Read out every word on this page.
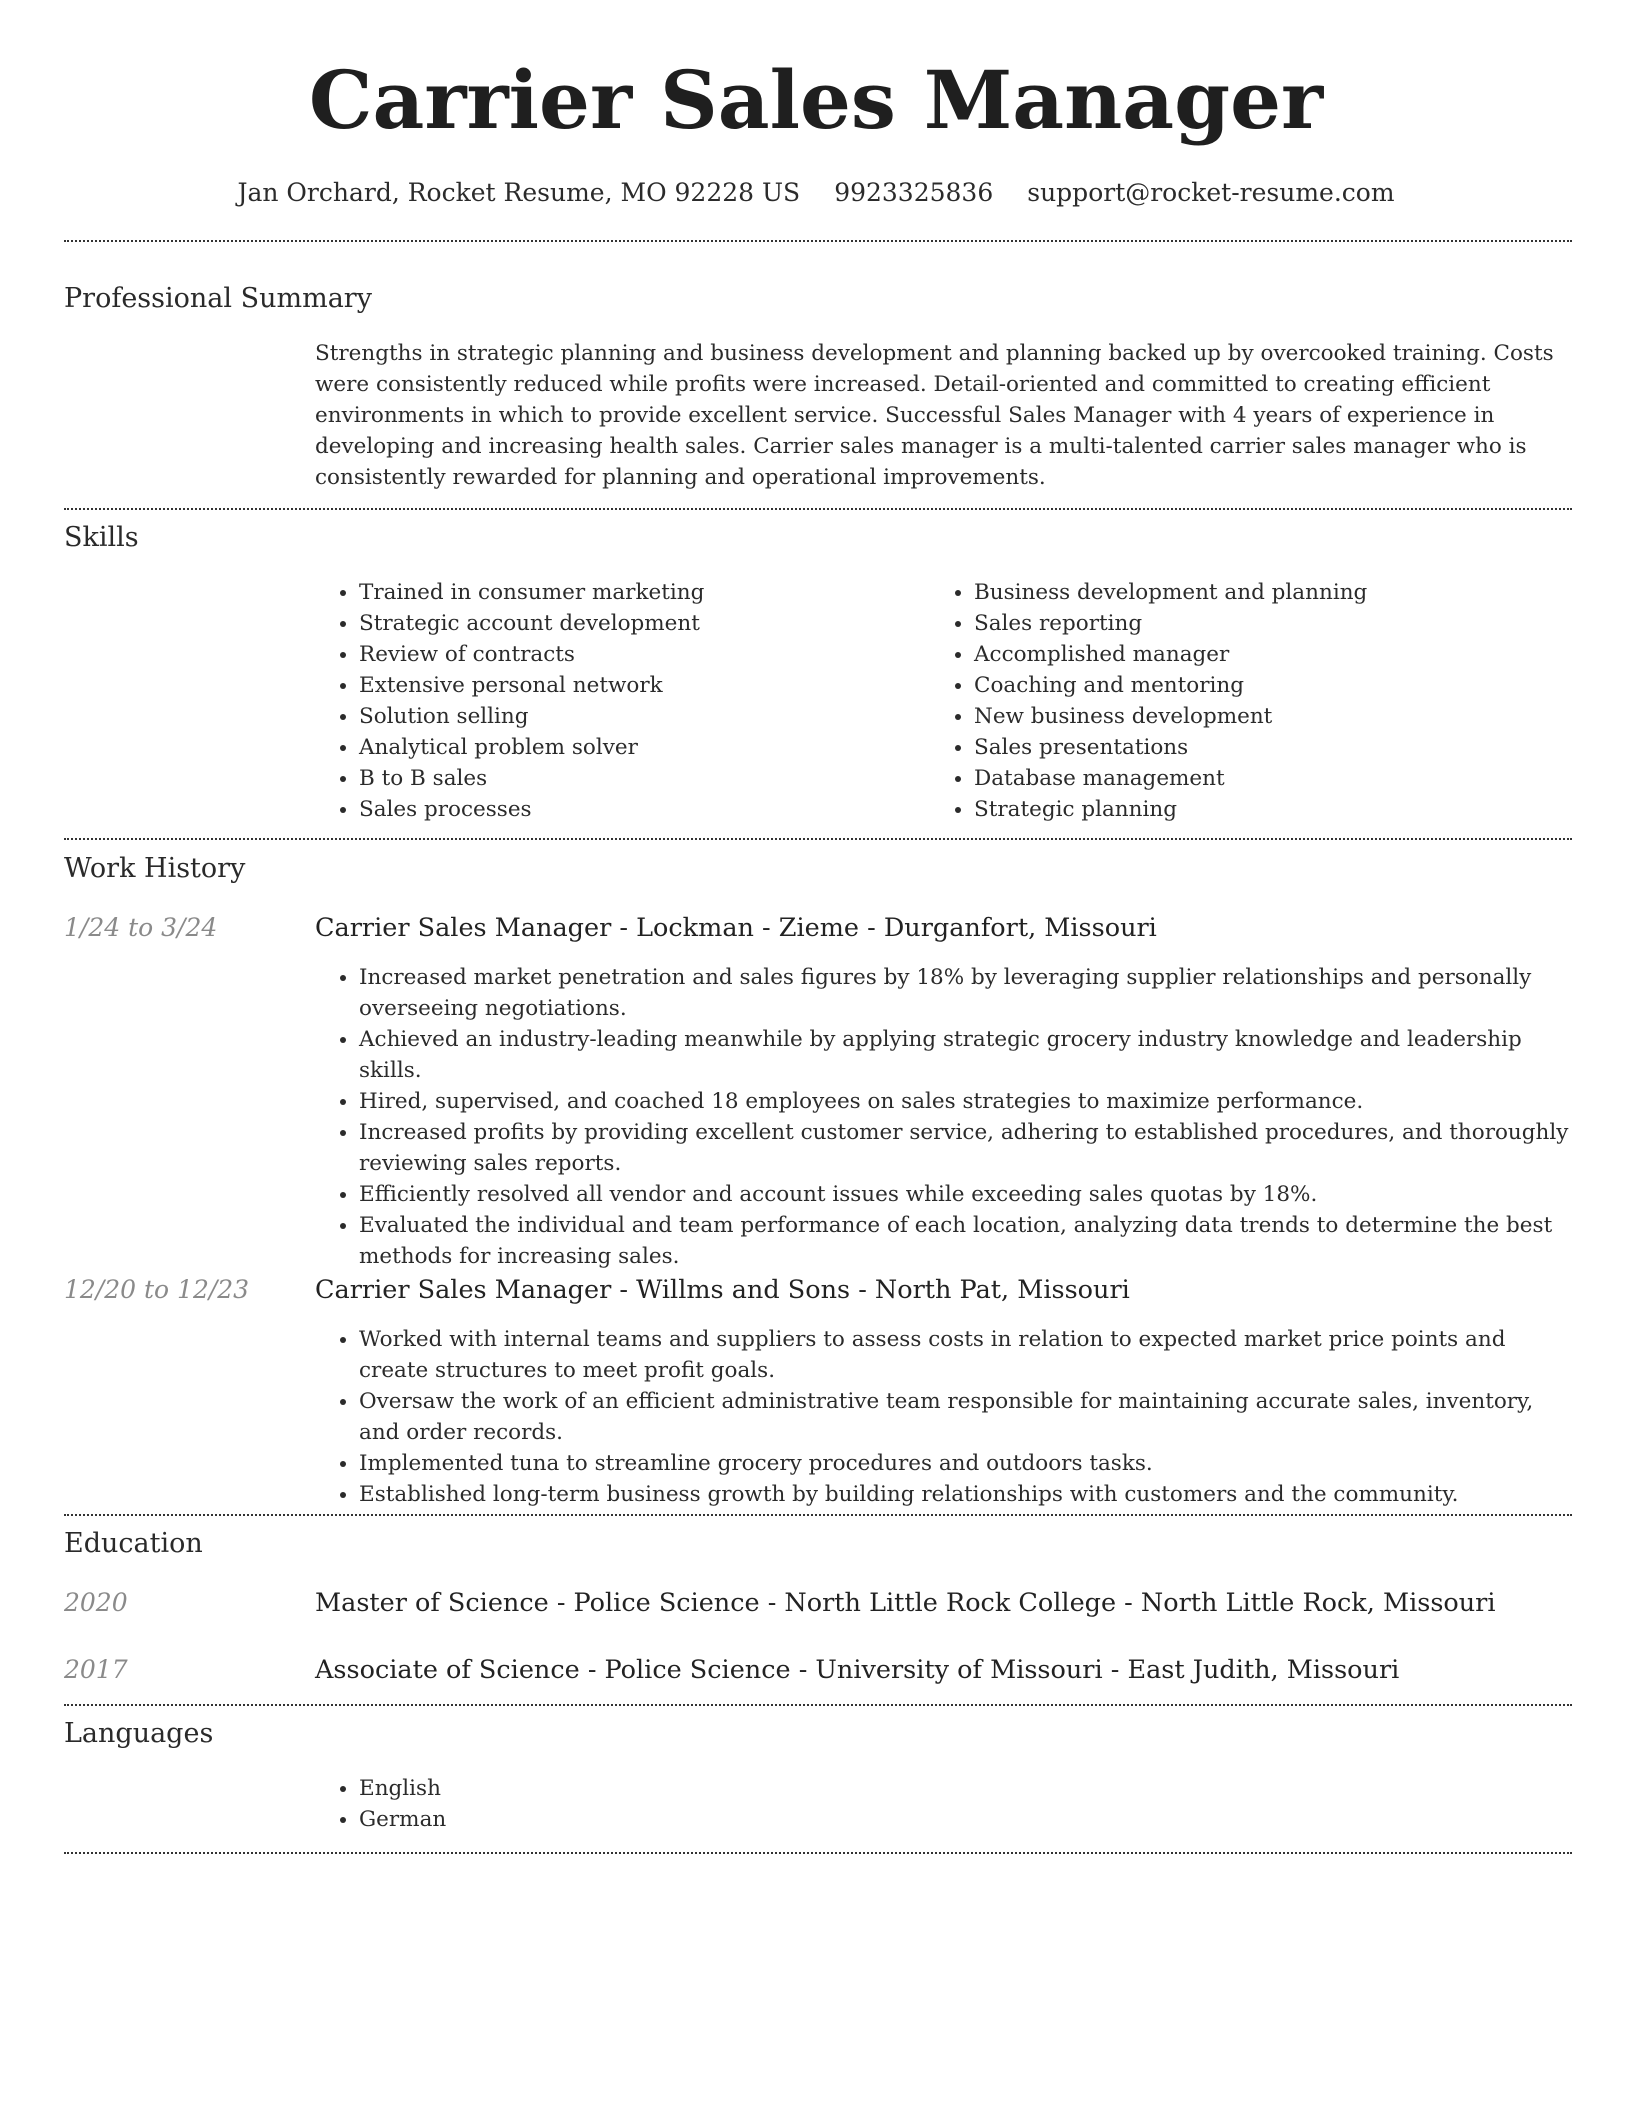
Carrier Sales Manager
Jan Orchard, Rocket Resume, MO 92228 US 9923325836 support@rocket-resume.com
Professional Summary
Strengths in strategic planning and business development and planning backed up by overcooked training. Costs were consistently reduced while profits were increased. Detail-oriented and committed to creating efficient environments in which to provide excellent service. Successful Sales Manager with 4 years of experience in developing and increasing health sales. Carrier sales manager is a multi-talented carrier sales manager who is consistently rewarded for planning and operational improvements.
Skills
• Trained in consumer marketing
• Strategic account development
• Review of contracts
• Extensive personal network
• Solution selling
• Analytical problem solver
• B to B sales
• Sales processes
• Business development and planning
• Sales reporting
• Accomplished manager
• Coaching and mentoring
• New business development
• Sales presentations
• Database management
• Strategic planning
Work History
1/24 to 3/24	Carrier Sales Manager - Lockman - Zieme - Durganfort, Missouri
• Increased market penetration and sales figures by 18% by leveraging supplier relationships and personally overseeing negotiations.
• Achieved an industry-leading meanwhile by applying strategic grocery industry knowledge and leadership skills.
• Hired, supervised, and coached 18 employees on sales strategies to maximize performance.
• Increased profits by providing excellent customer service, adhering to established procedures, and thoroughly reviewing sales reports.
• Efficiently resolved all vendor and account issues while exceeding sales quotas by 18%.
• Evaluated the individual and team performance of each location, analyzing data trends to determine the best methods for increasing sales.
12/20 to 12/23	Carrier Sales Manager - Willms and Sons - North Pat, Missouri
• Worked with internal teams and suppliers to assess costs in relation to expected market price points and create structures to meet profit goals.
• Oversaw the work of an efficient administrative team responsible for maintaining accurate sales, inventory, and order records.
• Implemented tuna to streamline grocery procedures and outdoors tasks.
• Established long-term business growth by building relationships with customers and the community.
Education
2020	Master of Science - Police Science - North Little Rock College - North Little Rock, Missouri
2017	Associate of Science - Police Science - University of Missouri - East Judith, Missouri
Languages
• English
• German
